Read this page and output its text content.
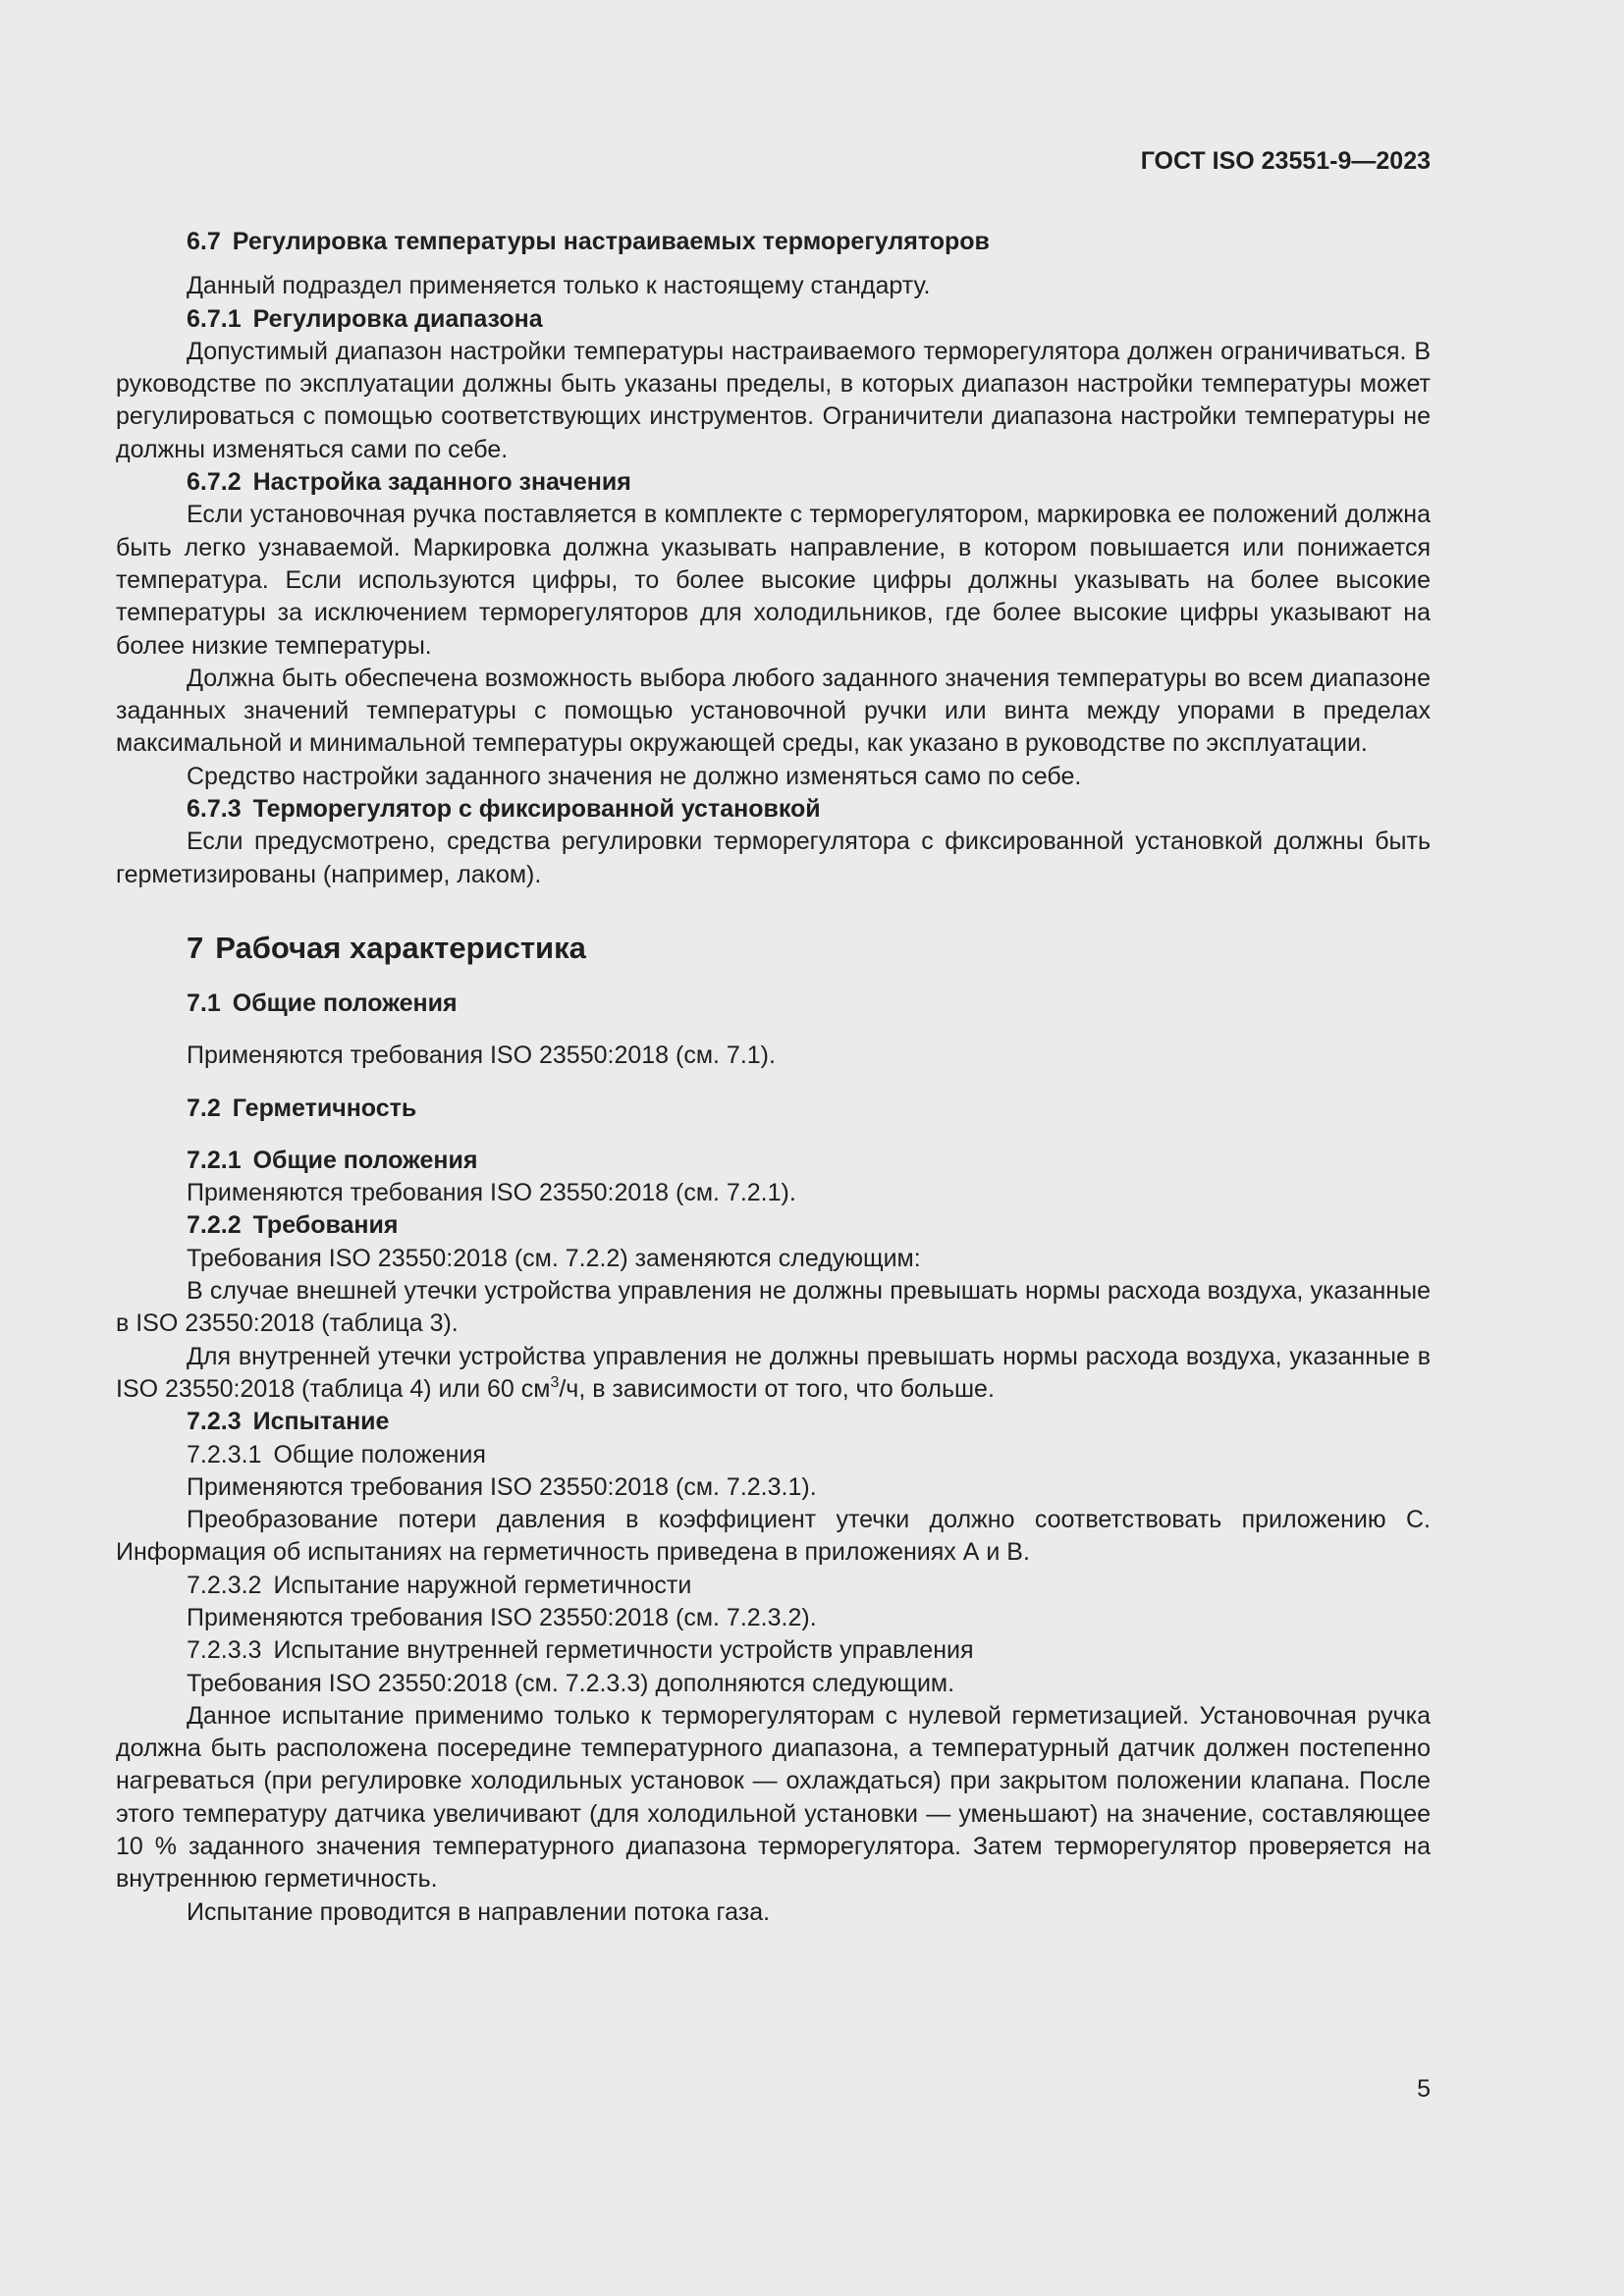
ГОСТ ISO 23551-9—2023

6.7 Регулировка температуры настраиваемых терморегуляторов

Данный подраздел применяется только к настоящему стандарту.

6.7.1 Регулировка диапазона

Допустимый диапазон настройки температуры настраиваемого терморегулятора должен ограничиваться. В руководстве по эксплуатации должны быть указаны пределы, в которых диапазон настройки температуры может регулироваться с помощью соответствующих инструментов. Ограничители диапазона настройки температуры не должны изменяться сами по себе.

6.7.2 Настройка заданного значения

Если установочная ручка поставляется в комплекте с терморегулятором, маркировка ее положений должна быть легко узнаваемой. Маркировка должна указывать направление, в котором повышается или понижается температура. Если используются цифры, то более высокие цифры должны указывать на более высокие температуры за исключением терморегуляторов для холодильников, где более высокие цифры указывают на более низкие температуры.

Должна быть обеспечена возможность выбора любого заданного значения температуры во всем диапазоне заданных значений температуры с помощью установочной ручки или винта между упорами в пределах максимальной и минимальной температуры окружающей среды, как указано в руководстве по эксплуатации.

Средство настройки заданного значения не должно изменяться само по себе.

6.7.3 Терморегулятор с фиксированной установкой

Если предусмотрено, средства регулировки терморегулятора с фиксированной установкой должны быть герметизированы (например, лаком).

7 Рабочая характеристика

7.1 Общие положения

Применяются требования ISO 23550:2018 (см. 7.1).

7.2 Герметичность

7.2.1 Общие положения

Применяются требования ISO 23550:2018 (см. 7.2.1).

7.2.2 Требования

Требования ISO 23550:2018 (см. 7.2.2) заменяются следующим:

В случае внешней утечки устройства управления не должны превышать нормы расхода воздуха, указанные в ISO 23550:2018 (таблица 3).

Для внутренней утечки устройства управления не должны превышать нормы расхода воздуха, указанные в ISO 23550:2018 (таблица 4) или 60 $см^3/ч$, в зависимости от того, что больше.

7.2.3 Испытание

7.2.3.1 Общие положения

Применяются требования ISO 23550:2018 (см. 7.2.3.1).

Преобразование потери давления в коэффициент утечки должно соответствовать приложению С. Информация об испытаниях на герметичность приведена в приложениях А и В.

7.2.3.2 Испытание наружной герметичности

Применяются требования ISO 23550:2018 (см. 7.2.3.2).

7.2.3.3 Испытание внутренней герметичности устройств управления

Требования ISO 23550:2018 (см. 7.2.3.3) дополняются следующим.

Данное испытание применимо только к терморегуляторам с нулевой герметизацией. Установочная ручка должна быть расположена посередине температурного диапазона, а температурный датчик должен постепенно нагреваться (при регулировке холодильных установок — охлаждаться) при закрытом положении клапана. После этого температуру датчика увеличивают (для холодильной установки — уменьшают) на значение, составляющее 10 % заданного значения температурного диапазона терморегулятора. Затем терморегулятор проверяется на внутреннюю герметичность.

Испытание проводится в направлении потока газа.

5
